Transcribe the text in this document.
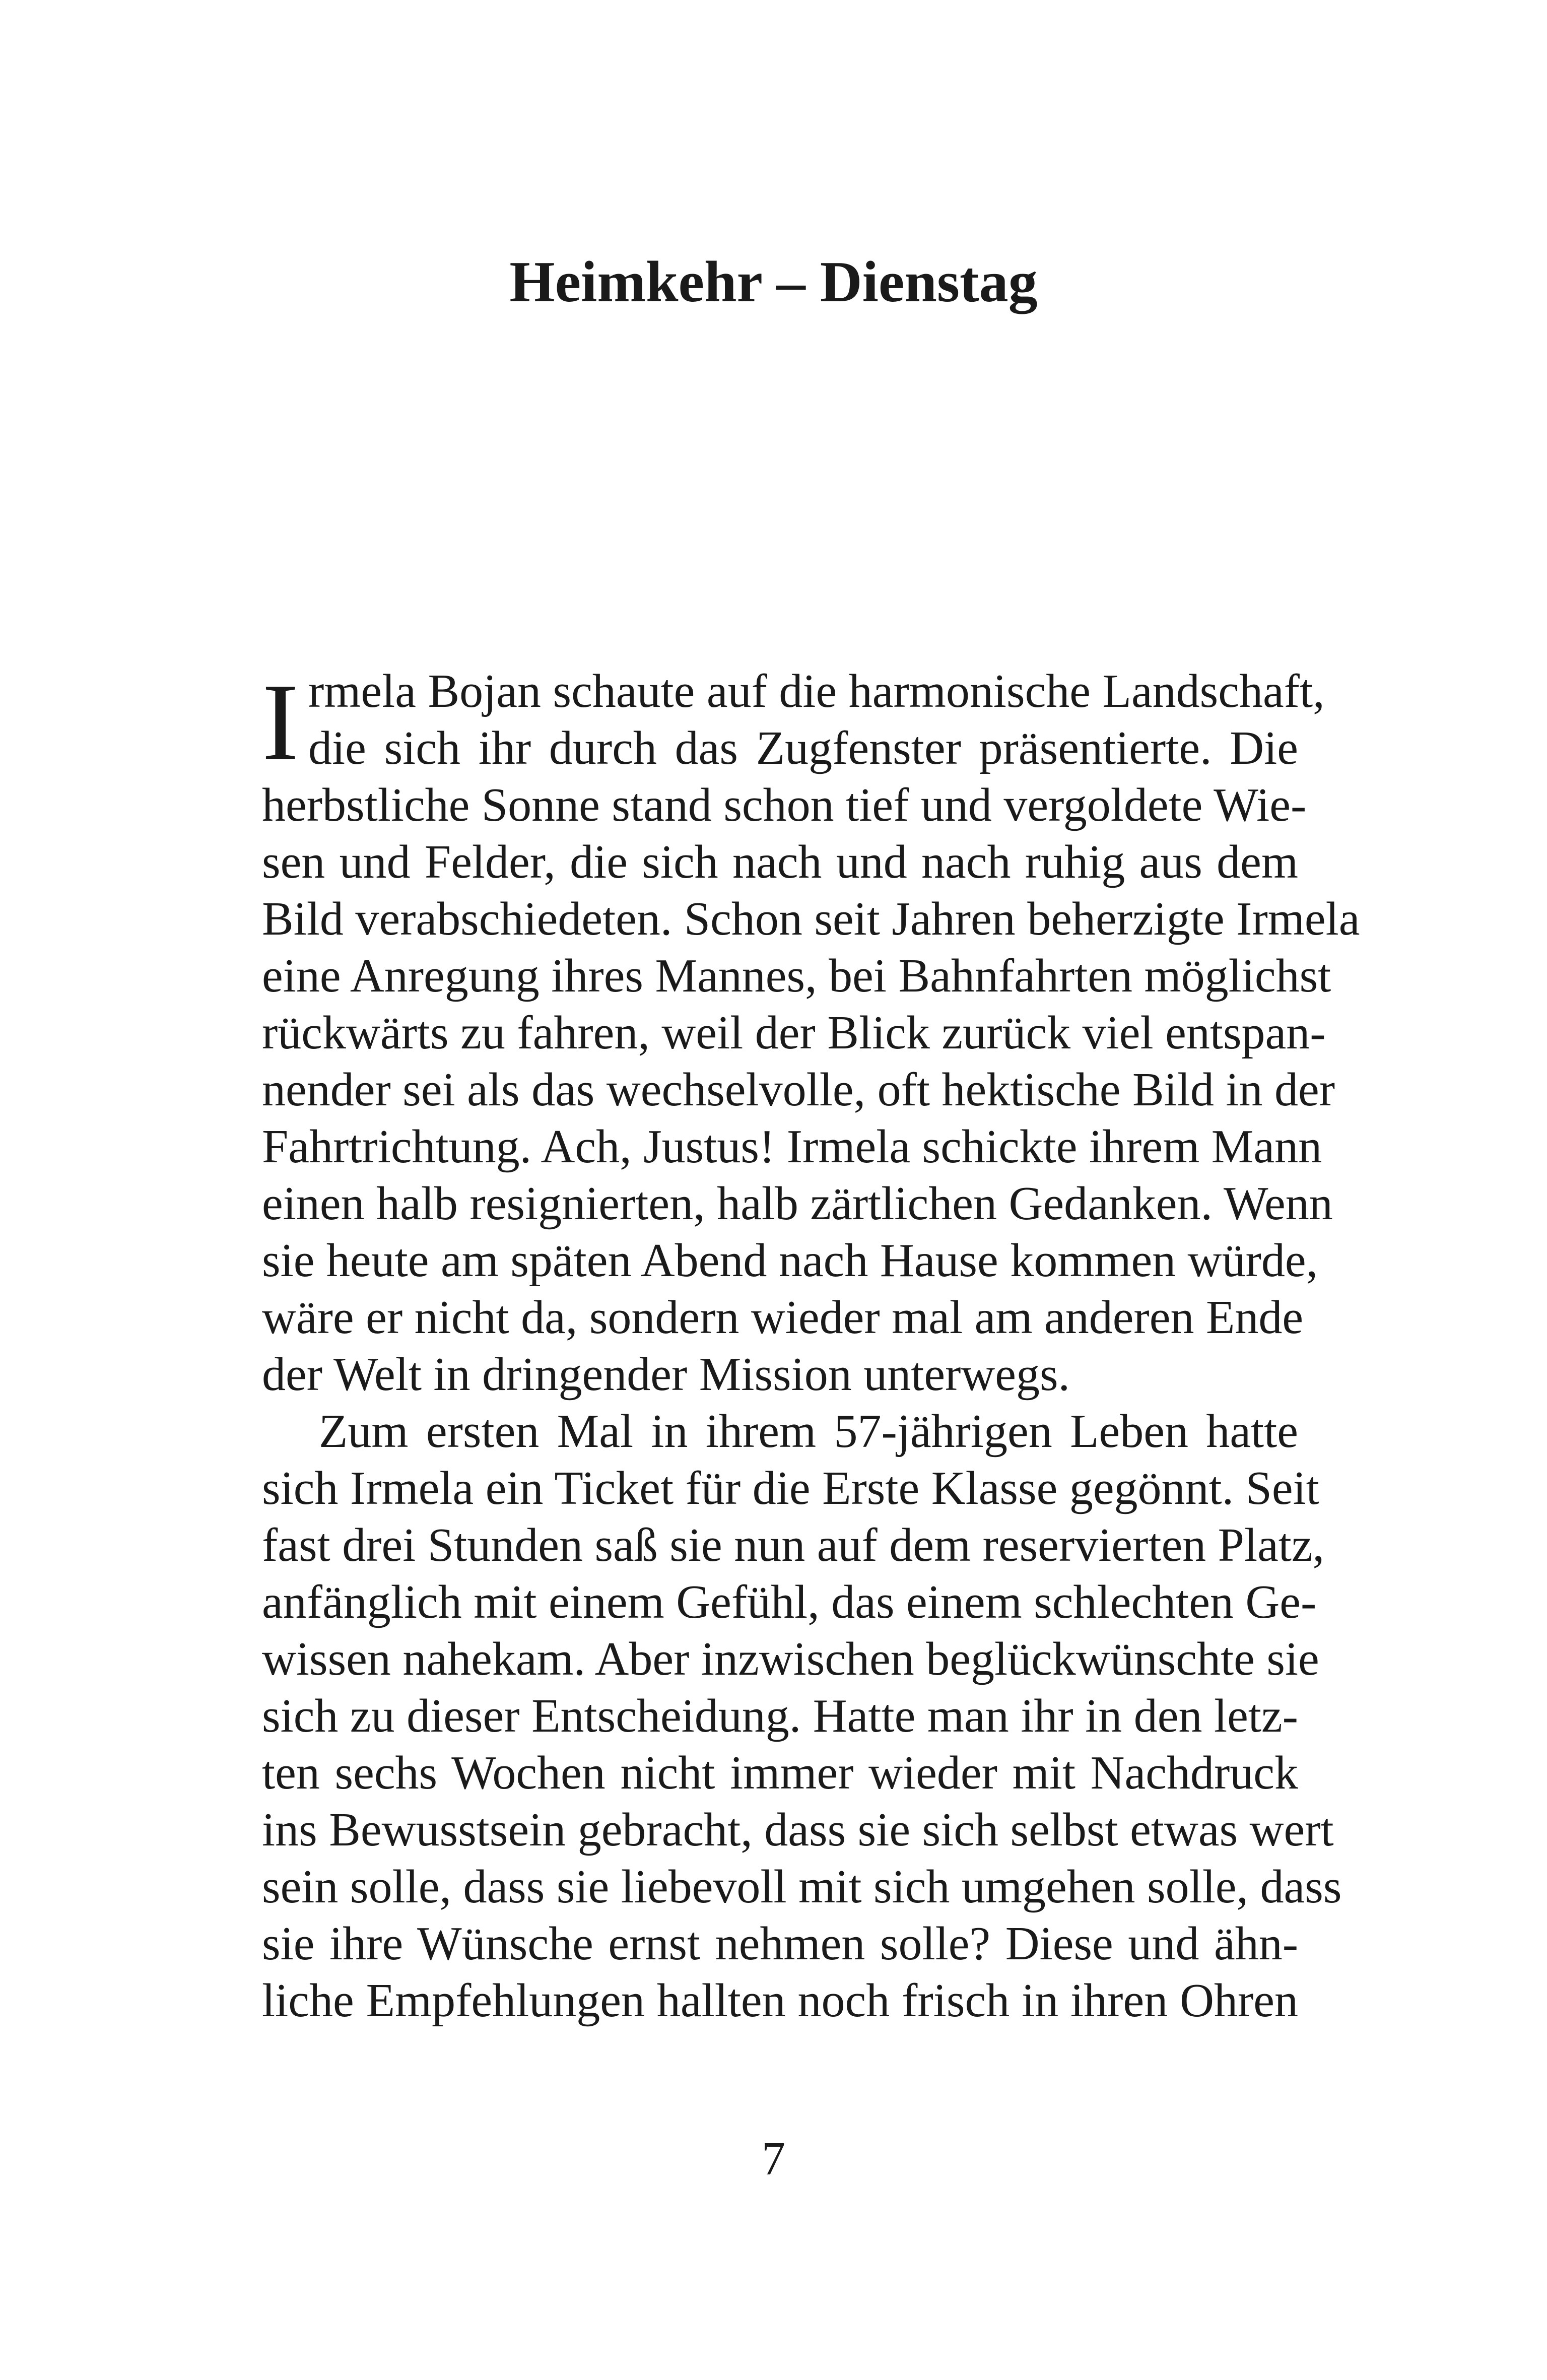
Heimkehr – Dienstag
I rmela Bojan schaute auf die harmonische Landschaft,
die sich ihr durch das Zugfenster präsentierte. Die
herbstliche Sonne stand schon tief und vergoldete Wie-
sen und Felder, die sich nach und nach ruhig aus dem
Bild verabschiedeten. Schon seit Jahren beherzigte Irmela
eine Anregung ihres Mannes, bei Bahnfahrten möglichst
rückwärts zu fahren, weil der Blick zurück viel entspan-
nender sei als das wechselvolle, oft hektische Bild in der
Fahrtrichtung. Ach, Justus! Irmela schickte ihrem Mann
einen halb resignierten, halb zärtlichen Gedanken. Wenn
sie heute am späten Abend nach Hause kommen würde,
wäre er nicht da, sondern wieder mal am anderen Ende
der Welt in dringender Mission unterwegs.
Zum ersten Mal in ihrem 57-jährigen Leben hatte
sich Irmela ein Ticket für die Erste Klasse gegönnt. Seit
fast drei Stunden saß sie nun auf dem reservierten Platz,
anfänglich mit einem Gefühl, das einem schlechten Ge-
wissen nahekam. Aber inzwischen beglückwünschte sie
sich zu dieser Entscheidung. Hatte man ihr in den letz-
ten sechs Wochen nicht immer wieder mit Nachdruck
ins Bewusstsein gebracht, dass sie sich selbst etwas wert
sein solle, dass sie liebevoll mit sich umgehen solle, dass
sie ihre Wünsche ernst nehmen solle? Diese und ähn-
liche Empfehlungen hallten noch frisch in ihren Ohren
7
